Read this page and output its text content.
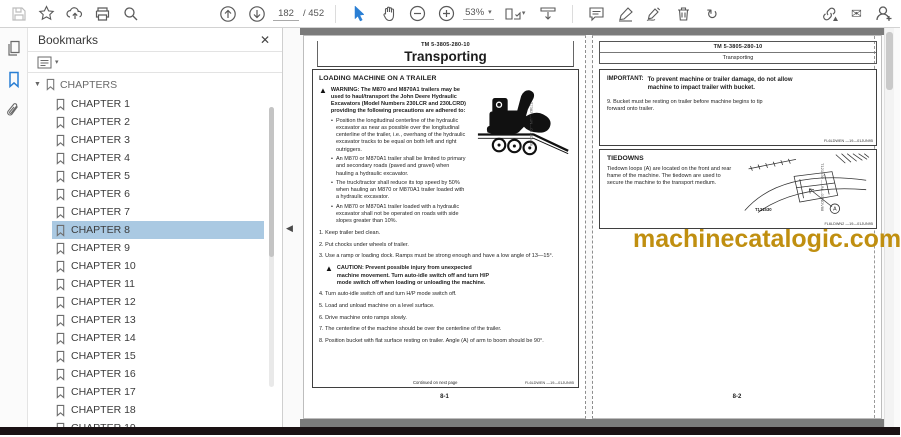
182
/ 452	53%
▾
▾
↻
✉
Bookmarks
✕
▾
▼
CHAPTERS
CHAPTER 1
CHAPTER 2
CHAPTER 3
CHAPTER 4
CHAPTER 5
CHAPTER 6
CHAPTER 7
CHAPTER 8
CHAPTER 9
CHAPTER 10
CHAPTER 11
CHAPTER 12
CHAPTER 13
CHAPTER 14
CHAPTER 15
CHAPTER 16
CHAPTER 17
CHAPTER 18
◀
◀
TM 5-3805-280-10
Transporting
LOADING MACHINE ON A TRAILER
▲
WARNING: The M870 and M870A1 trailers may be used to haul/transport the John Deere Hydraulic Excavators (Model Numbers 230LCR and 230LCRD) providing the following precautions are adhered to:
• Position the longitudinal centerline of the hydraulic excavator as near as possible over the longitudinal centerline of the trailer, i.e., overhang of the hydraulic excavator tracks to be equal on both left and right outriggers.
• An M870 or M870A1 trailer shall be limited to primary and secondary roads (paved and gravel) when hauling a hydraulic excavator.
• The truck/tractor shall reduce its top speed by 50% when hauling an M870 or M870A1 trailer loaded with a hydraulic excavator.
• An M870 or M870A1 trailer loaded with a hydraulic excavator shall not be operated on roads with side slopes greater than 10%.
T7382 —UN—01NOV88
1. Keep trailer bed clean.
2. Put chocks under wheels of trailer.
3. Use a ramp or loading dock. Ramps must be strong enough and have a low angle of 13—15°.
▲
CAUTION: Prevent possible injury from unexpected machine movement. Turn auto-idle switch off and turn H/P mode switch off when loading or unloading the machine.
4. Turn auto-idle switch off and turn H/P mode switch off.
5. Load and unload machine on a level surface.
6. Drive machine onto ramps slowly.
7. The centerline of the machine should be over the centerline of the trailer.
8. Position bucket with flat surface resting on trailer. Angle (A) of arm to boom should be 90°.
Continued on next page	FL6LDWEN —19—01JUN95
8-1
TM 5-3805-280-10
Transporting
IMPORTANT: To prevent machine or trailer damage, do not allow machine to impact trailer with bucket.
9. Bucket must be resting on trailer before machine begins to tip forward onto trailer.
FL6LDWEN —19—01JUN95
TIEDOWNS
Tiedown loops (A) are located on the front and rear frame of the machine. The tiedown are used to secure the machine to the transport medium.
A
T121530	T121530 —UN—01NOV88
FL6LDWN2 —19—01JUN95
8-2
machinecatalogic.com
